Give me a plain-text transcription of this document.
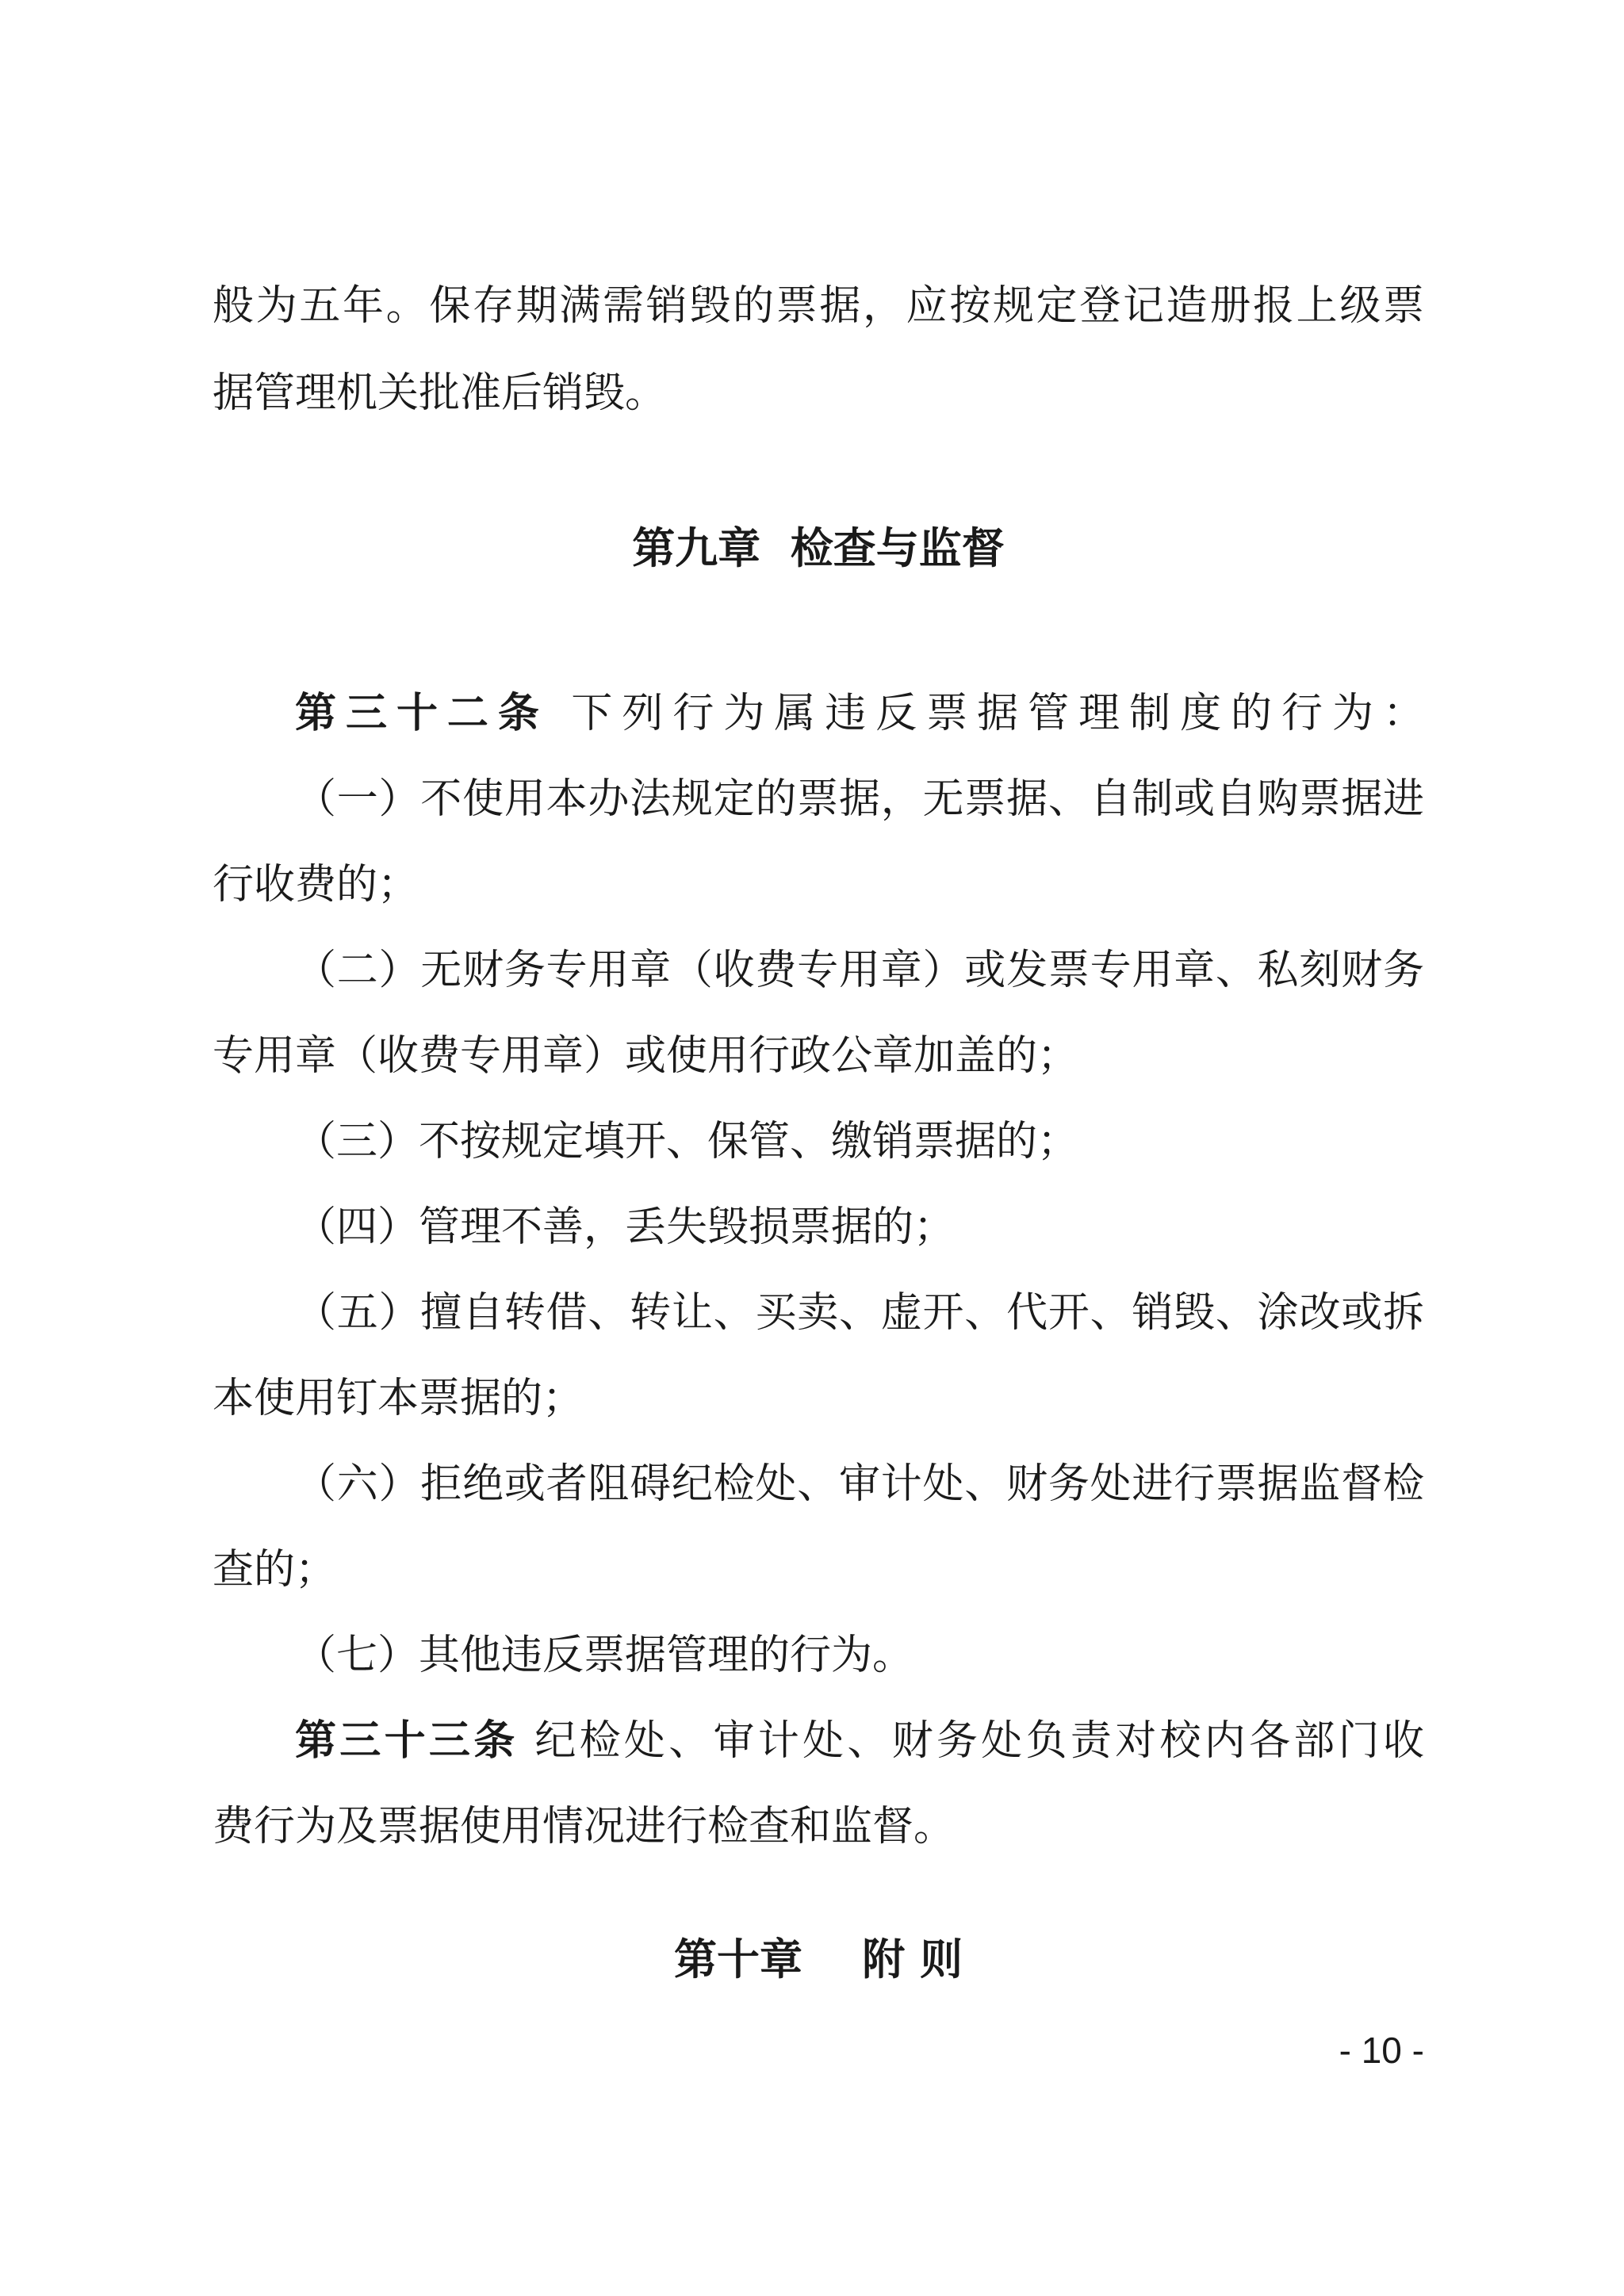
般为五年。保存期满需销毁的票据，应按规定登记造册报上级票
据管理机关批准后销毁。
第九章  检查与监督
第三十二条 下列行为属违反票据管理制度的行为：
（一）不使用本办法规定的票据，无票据、自制或自购票据进
行收费的；
（二）无财务专用章（收费专用章）或发票专用章、私刻财务
专用章（收费专用章）或使用行政公章加盖的；
（三）不按规定填开、保管、缴销票据的；
（四）管理不善，丢失毁损票据的；
（五）擅自转借、转让、买卖、虚开、代开、销毁、涂改或拆
本使用钉本票据的；
（六）拒绝或者阻碍纪检处、审计处、财务处进行票据监督检
查的；
（七）其他违反票据管理的行为。
第三十三条 纪检处、审计处、财务处负责对校内各部门收
费行为及票据使用情况进行检查和监督。
第十章    附 则
- 10 -
